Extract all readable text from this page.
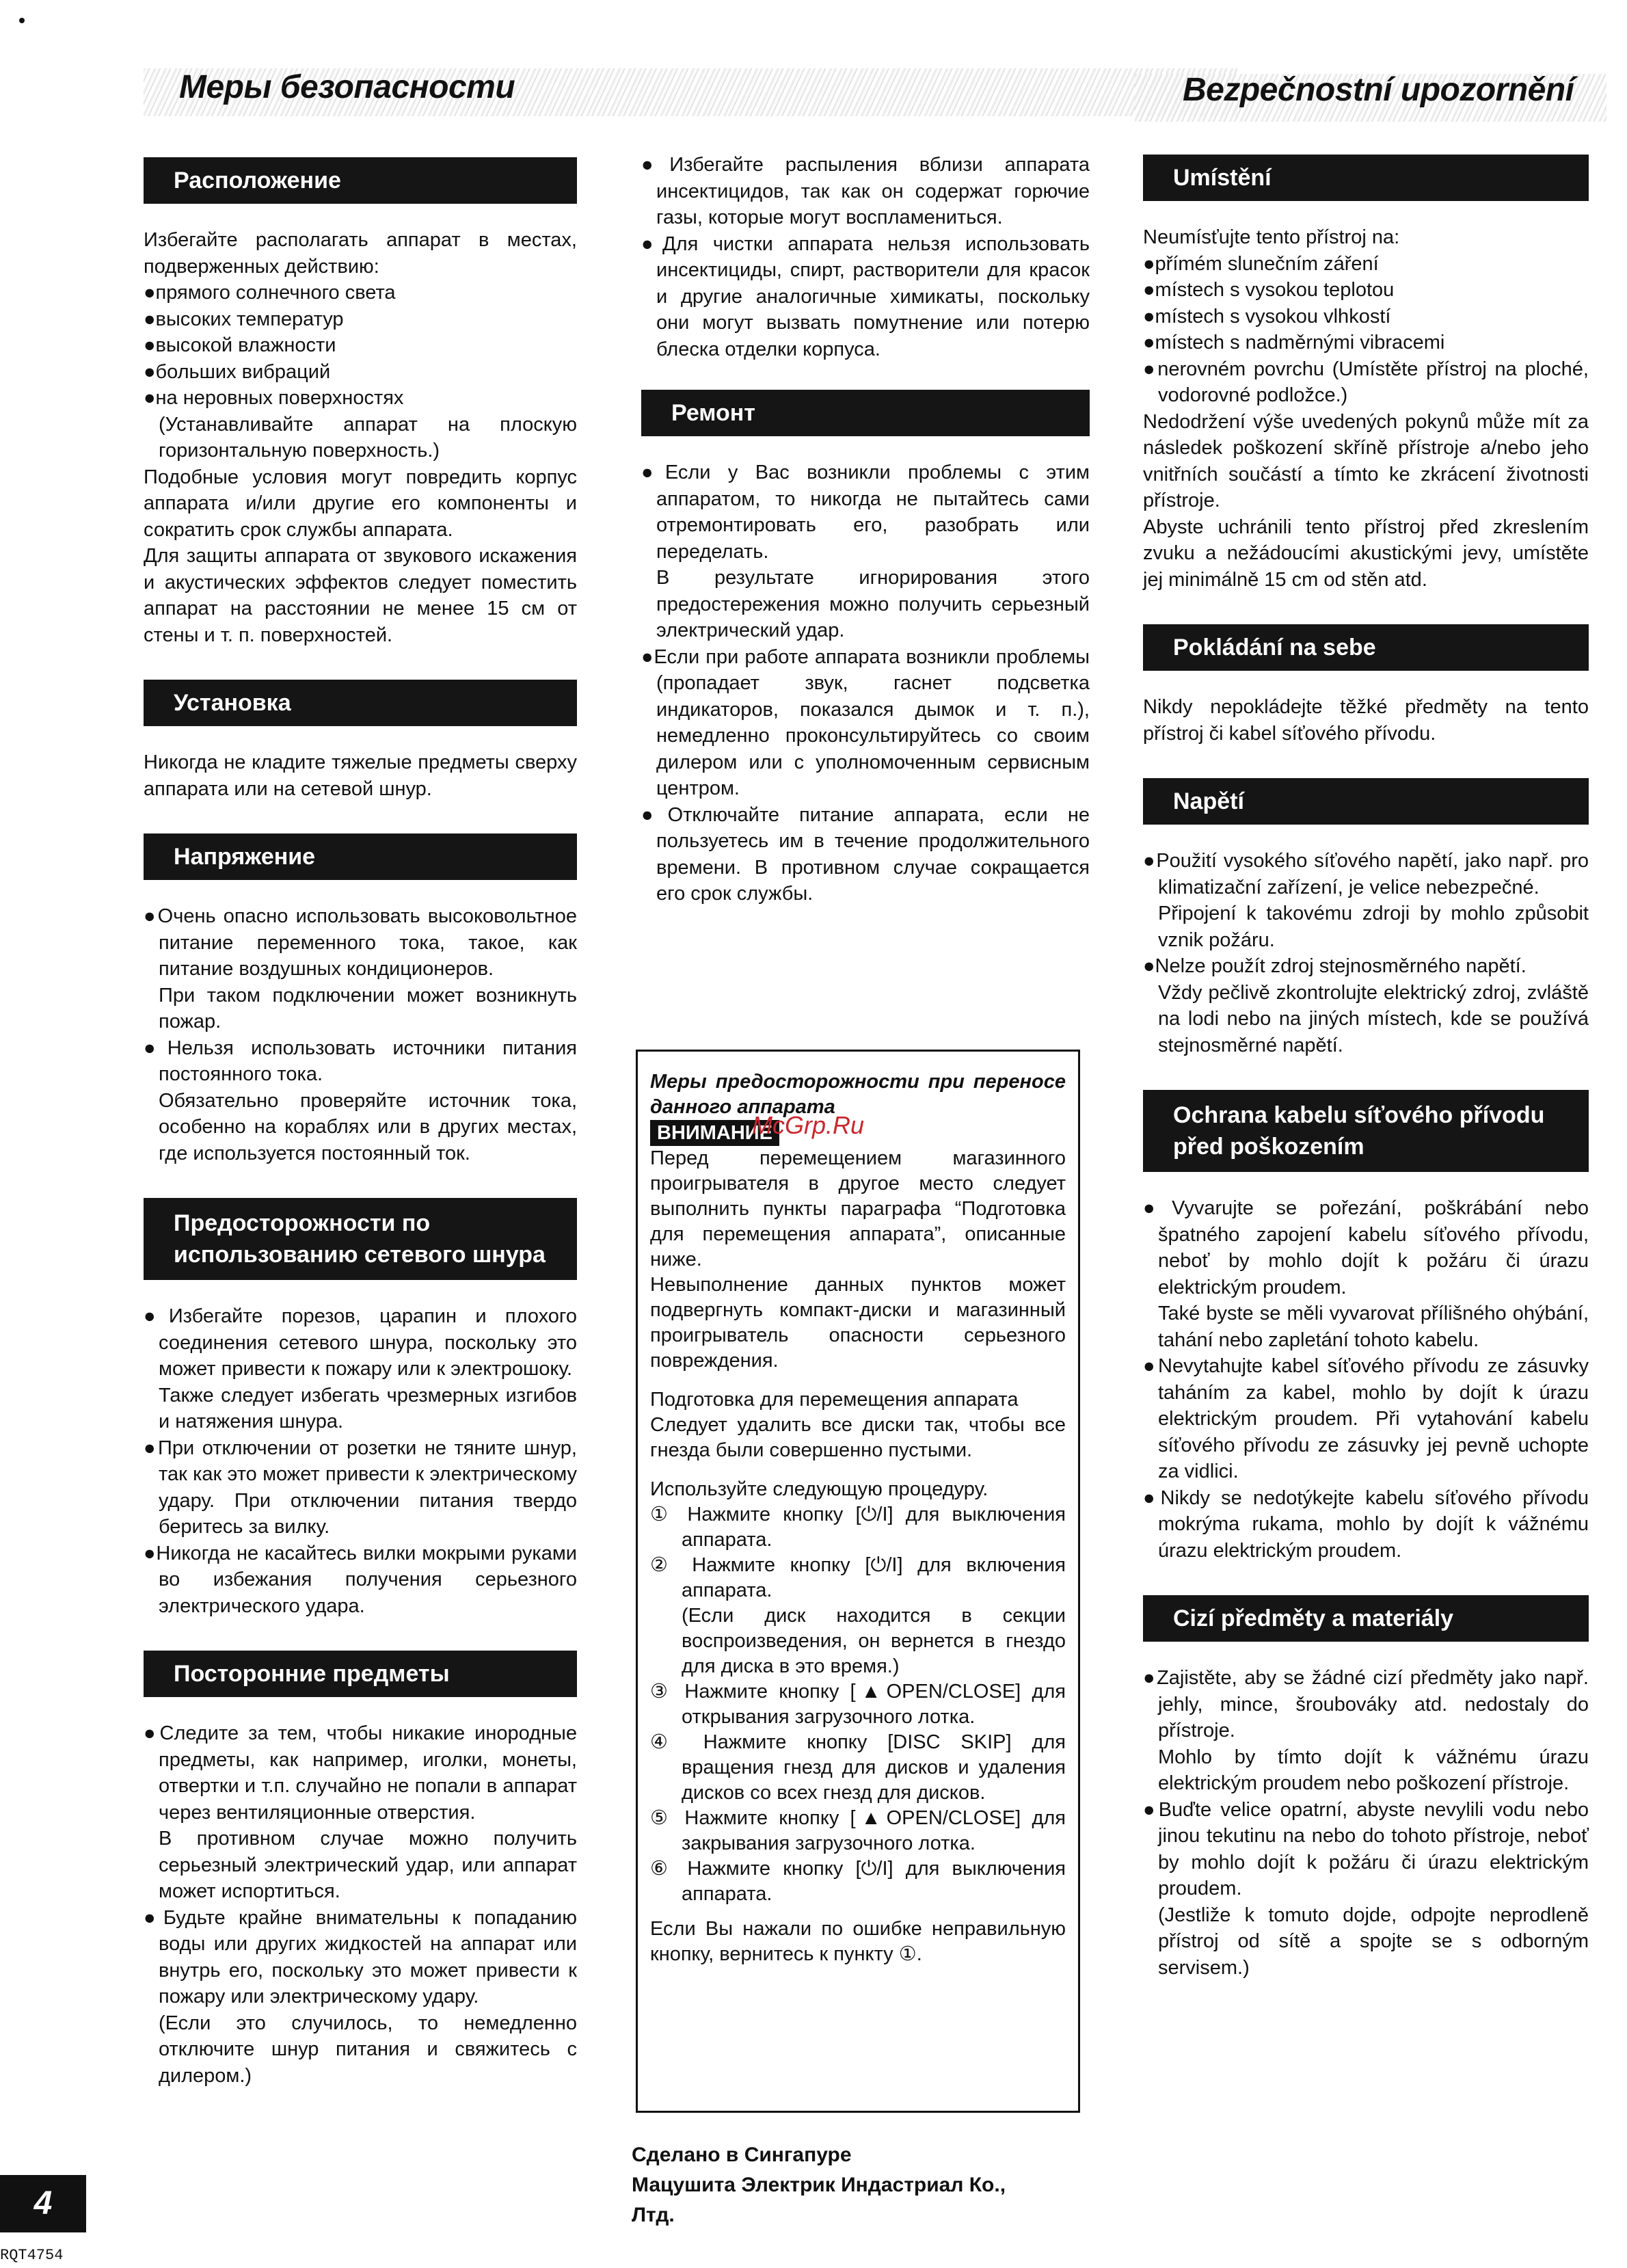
Меры безопасности	Bezpečnostní upozornění
Расположение

Избегайте располагать аппарат в местах, подверженных действию:

●прямого солнечного света

●высоких температур

●высокой влажности

●больших вибраций

●на неровных поверхностях

(Устанавливайте аппарат на плоскую горизонтальную поверхность.)

Подобные условия могут повредить корпус аппарата и/или другие его компоненты и сократить срок службы аппарата.

Для защиты аппарата от звукового искажения и акустических эффектов следует поместить аппарат на расстоянии не менее 15 см от стены и т. п. поверхностей.

Установка

Никогда не кладите тяжелые предметы сверху аппарата или на сетевой шнур.

Напряжение

●Очень опасно использовать высоковольтное питание переменного тока, такое, как питание воздушных кондиционеров.

При таком подключении может возникнуть пожар.

●Нельзя использовать источники питания постоянного тока.

Обязательно проверяйте источник тока, особенно на кораблях или в других местах, где используется постоянный ток.

Предосторожности по использованию сетевого шнура

●Избегайте порезов, царапин и плохого соединения сетевого шнура, поскольку это может привести к пожару или к электрошоку.

Также следует избегать чрезмерных изгибов и натяжения шнура.

●При отключении от розетки не тяните шнур, так как это может привести к электрическому удару. При отключении питания твердо беритесь за вилку.

●Никогда не касайтесь вилки мокрыми руками во избежания получения серьезного электрического удара.

Посторонние предметы

●Следите за тем, чтобы никакие инородные предметы, как например, иголки, монеты, отвертки и т.п. случайно не попали в аппарат через вентиляционные отверстия.

В противном случае можно получить серьезный электрический удар, или аппарат может испортиться.

●Будьте крайне внимательны к попаданию воды или других жидкостей на аппарат или внутрь его, поскольку это может привести к пожару или электрическому удару.

(Если это случилось, то немедленно отключите шнур питания и свяжитесь с дилером.)

●Избегайте распыления вблизи аппарата инсектицидов, так как он содержат горючие газы, которые могут воспламениться.

●Для чистки аппарата нельзя использовать инсектициды, спирт, растворители для красок и другие аналогичные химикаты, поскольку они могут вызвать помутнение или потерю блеска отделки корпуса.

Ремонт

●Если у Вас возникли проблемы с этим аппаратом, то никогда не пытайтесь сами отремонтировать его, разобрать или переделать.

В результате игнорирования этого предостережения можно получить серьезный электрический удар.

●Если при работе аппарата возникли проблемы (пропадает звук, гаснет подсветка индикаторов, показался дымок и т. п.), немедленно проконсультируйтесь со своим дилером или с уполномоченным сервисным центром.

●Отключайте питание аппарата, если не пользуетесь им в течение продолжительного времени. В противном случае сокращается его срок службы.

Меры предосторожности при переносе данного аппарата

ВНИМАНИЕ

Перед перемещением магазинного проигрывателя в другое место следует выполнить пункты параграфа “Подготовка для перемещения аппарата”, описанные ниже.

Невыполнение данных пунктов может подвергнуть компакт-диски и магазинный проигрыватель опасности серьезного повреждения.

Подготовка для перемещения аппарата

Следует удалить все диски так, чтобы все гнезда были совершенно пустыми.

Используйте следующую процедуру.

① Нажмите кнопку [⏻/I] для выключения аппарата.

② Нажмите кнопку [⏻/I] для включения аппарата.

(Если диск находится в секции воспроизведения, он вернется в гнездо для диска в это время.)

③ Нажмите кнопку [▲OPEN/CLOSE] для открывания загрузочного лотка.

④ Нажмите кнопку [DISC SKIP] для вращения гнезд для дисков и удаления дисков со всех гнезд для дисков.

⑤ Нажмите кнопку [▲OPEN/CLOSE] для закрывания загрузочного лотка.

⑥ Нажмите кнопку [⏻/I] для выключения аппарата.

Если Вы нажали по ошибке неправильную кнопку, вернитесь к пункту ①.

McGrp.Ru
Сделано в Сингапуре
Мацушита Электрик Индастриал Ко.,
Лтд.
Umístění

Neumísťujte tento přístroj na:

●přímém slunečním záření

●místech s vysokou teplotou

●místech s vysokou vlhkostí

●místech s nadměrnými vibracemi

●nerovném povrchu (Umístěte přístroj na ploché, vodorovné podložce.)

Nedodržení výše uvedených pokynů může mít za následek poškození skříně přístroje a/nebo jeho vnitřních součástí a tímto ke zkrácení životnosti přístroje.

Abyste uchránili tento přístroj před zkreslením zvuku a nežádoucími akustickými jevy, umístěte jej minimálně 15 cm od stěn atd.

Pokládání na sebe

Nikdy nepokládejte těžké předměty na tento přístroj či kabel síťového přívodu.

Napětí

●Použití vysokého síťového napětí, jako např. pro klimatizační zařízení, je velice nebezpečné.

Připojení k takovému zdroji by mohlo způsobit vznik požáru.

●Nelze použít zdroj stejnosměrného napětí.

Vždy pečlivě zkontrolujte elektrický zdroj, zvláště na lodi nebo na jiných místech, kde se používá stejnosměrné napětí.

Ochrana kabelu síťového přívodu před poškozením

●Vyvarujte se pořezání, poškrábání nebo špatného zapojení kabelu síťového přívodu, neboť by mohlo dojít k požáru či úrazu elektrickým proudem.

Také byste se měli vyvarovat přílišného ohýbání, tahání nebo zapletání tohoto kabelu.

●Nevytahujte kabel síťového přívodu ze zásuvky taháním za kabel, mohlo by dojít k úrazu elektrickým proudem. Při vytahování kabelu síťového přívodu ze zásuvky jej pevně uchopte za vidlici.

●Nikdy se nedotýkejte kabelu síťového přívodu mokrýma rukama, mohlo by dojít k vážnému úrazu elektrickým proudem.

Cizí předměty a materiály

●Zajistěte, aby se žádné cizí předměty jako např. jehly, mince, šroubováky atd. nedostaly do přístroje.

Mohlo by tímto dojít k vážnému úrazu elektrickým proudem nebo poškození přístroje.

●Buďte velice opatrní, abyste nevylili vodu nebo jinou tekutinu na nebo do tohoto přístroje, neboť by mohlo dojít k požáru či úrazu elektrickým proudem.

(Jestliže k tomuto dojde, odpojte neprodleně přístroj od sítě a spojte se s odborným servisem.)

4
RQT4754
